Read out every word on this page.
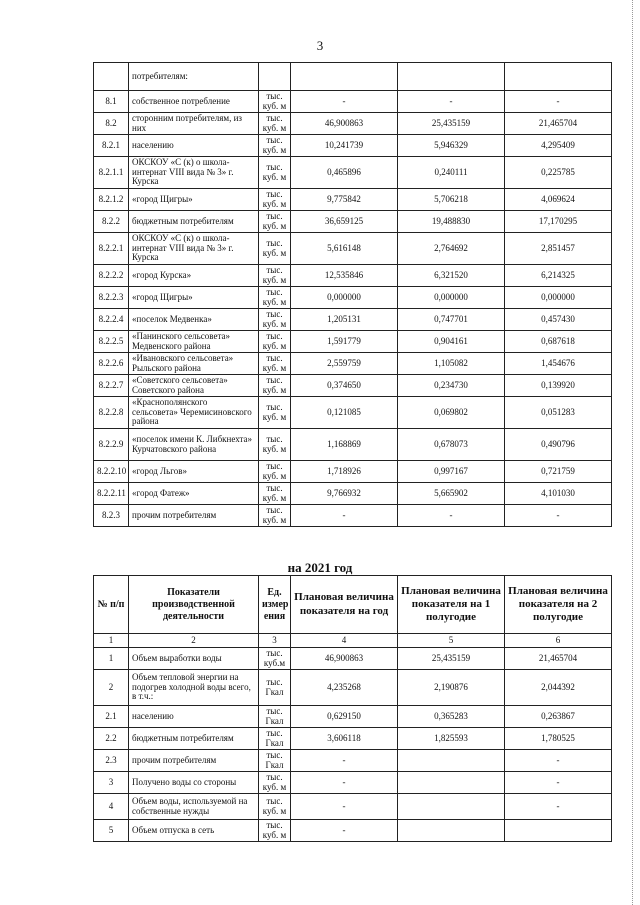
3
	потребителям:				
8.1	собственное потребление	тыс. куб. м	-	-	-
8.2	сторонним потребителям, из них	тыс. куб. м	46,900863	25,435159	21,465704
8.2.1	населению	тыс. куб. м	10,241739	5,946329	4,295409
8.2.1.1	ОКСКОУ «С (к) о школа-интернат VIII вида № 3» г. Курска	тыс. куб. м	0,465896	0,240111	0,225785
8.2.1.2	«город Щигры»	тыс. куб. м	9,775842	5,706218	4,069624
8.2.2	бюджетным потребителям	тыс. куб. м	36,659125	19,488830	17,170295
8.2.2.1	ОКСКОУ «С (к) о школа-интернат VIII вида № 3» г. Курска	тыс. куб. м	5,616148	2,764692	2,851457
8.2.2.2	«город Курска»	тыс. куб. м	12,535846	6,321520	6,214325
8.2.2.3	«город Щигры»	тыс. куб. м	0,000000	0,000000	0,000000
8.2.2.4	«поселок Медвенка»	тыс. куб. м	1,205131	0,747701	0,457430
8.2.2.5	«Панинского сельсовета» Медвенского района	тыс. куб. м	1,591779	0,904161	0,687618
8.2.2.6	«Ивановского сельсовета» Рыльского района	тыс. куб. м	2,559759	1,105082	1,454676
8.2.2.7	«Советского сельсовета» Советского района	тыс. куб. м	0,374650	0,234730	0,139920
8.2.2.8	«Краснополянского сельсовета» Черемисиновского района	тыс. куб. м	0,121085	0,069802	0,051283
8.2.2.9	«поселок имени К. Либкнехта» Курчатовского района	тыс. куб. м	1,168869	0,678073	0,490796
8.2.2.10	«город Льгов»	тыс. куб. м	1,718926	0,997167	0,721759
8.2.2.11	«город Фатеж»	тыс. куб. м	9,766932	5,665902	4,101030
8.2.3	прочим потребителям	тыс. куб. м	-	-	-
на 2021 год
№ п/п	Показатели производственной деятельности	Ед. измер ения	Плановая величина показателя на год	Плановая величина показателя на 1 полугодие	Плановая величина показателя на 2 полугодие
1	2	3	4	5	6
1	Объем выработки воды	тыс. куб.м	46,900863	25,435159	21,465704
2	Объем тепловой энергии на подогрев холодной воды всего, в т.ч.:	тыс. Гкал	4,235268	2,190876	2,044392
2.1	населению	тыс. Гкал	0,629150	0,365283	0,263867
2.2	бюджетным потребителям	тыс. Гкал	3,606118	1,825593	1,780525
2.3	прочим потребителям	тыс. Гкал	-		-
3	Получено воды со стороны	тыс. куб. м	-		-
4	Объем воды, используемой на собственные нужды	тыс. куб. м	-		-
5	Объем отпуска в сеть	тыс. куб. м	-		
